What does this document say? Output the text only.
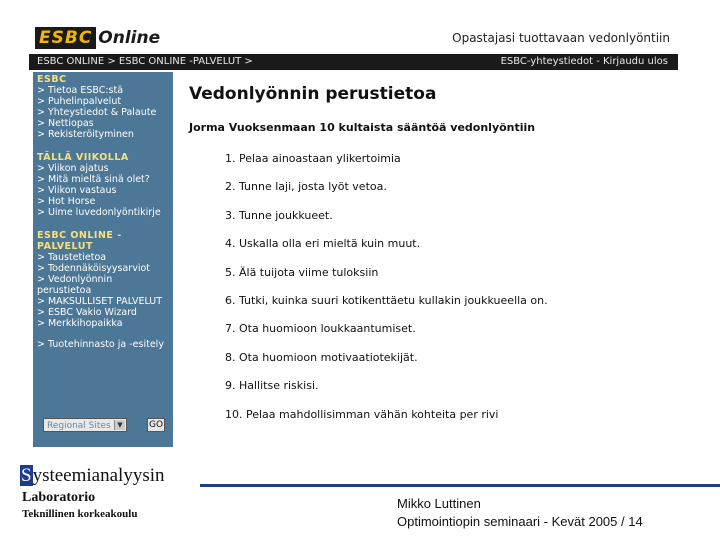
ESBC Online	Opastajasi tuottavaan vedonlyöntiin
ESBC ONLINE > ESBC ONLINE -PALVELUT >	ESBC-yhteystiedot - Kirjaudu ulos
ESBC
> Tietoa ESBC:stä
> Puhelinpalvelut
> Yhteystiedot & Palaute
> Nettiopas
> Rekisteröityminen
TÄLLÄ VIIKOLLA
> Viikon ajatus
> Mitä mieltä sinä olet?
> Viikon vastaus
> Hot Horse
> Uime luvedonlyöntikirje
ESBC ONLINE - PALVELUT
> Taustetietoa
> Todennäköisyysarviot
> Vedonlyönnin perustietoa
> MAKSULLISET PALVELUT
> ESBC Vakio Wizard
> Merkkihopaikka
> Tuotehinnasto ja -esitely
Regional Sites ▼	GO
Vedonlyönnin perustietoa
Jorma Vuoksenmaan 10 kultaista sääntöä vedonlyöntiin
1. Pelaa ainoastaan ylikertoimia
2. Tunne laji, josta lyöt vetoa.
3. Tunne joukkueet.
4. Uskalla olla eri mieltä kuin muut.
5. Älä tuijota viime tuloksiin
6. Tutki, kuinka suuri kotikenttäetu kullakin joukkueella on.
7. Ota huomioon loukkaantumiset.
8. Ota huomioon motivaatiotekijät.
9. Hallitse riskisi.
10. Pelaa mahdollisimman vähän kohteita per rivi
Systeemianalyysin
Laboratorio
Teknillinen korkeakoulu
Mikko Luttinen
Optimointiopin seminaari - Kevät 2005 / 14
